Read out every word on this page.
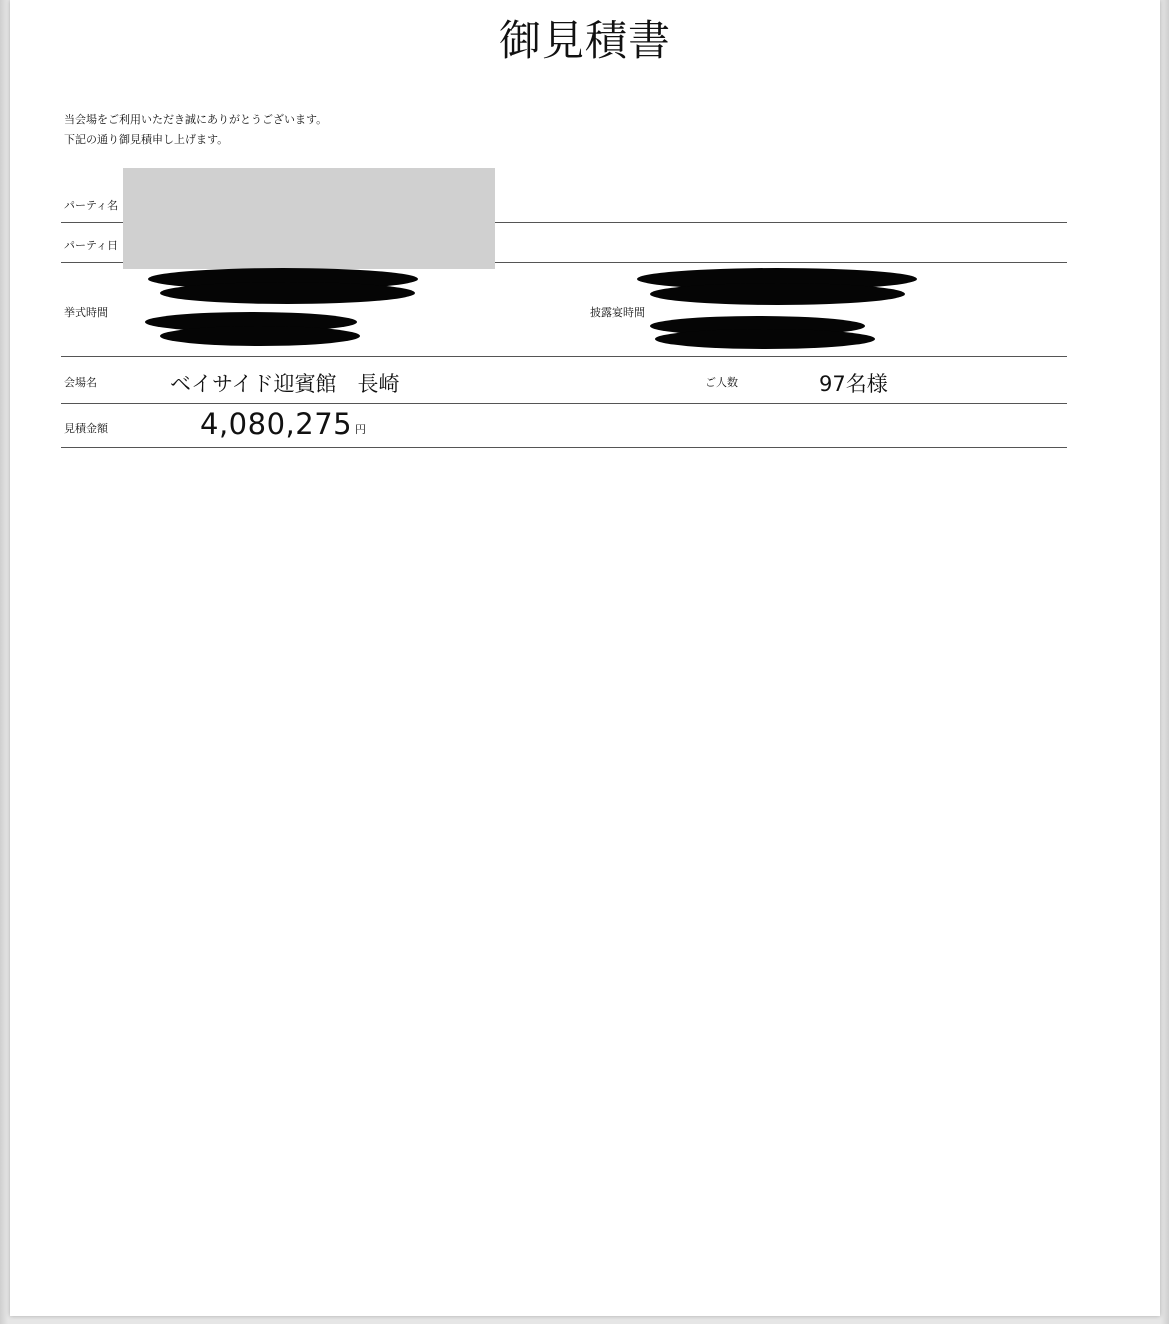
御見積書
当会場をご利用いただき誠にありがとうございます。
下記の通り御見積申し上げます。
パーティ名
パーティ日
挙式時間	披露宴時間
会場名	ベイサイド迎賓館　長崎	ご人数	97名様
見積金額	4,080,275 円
